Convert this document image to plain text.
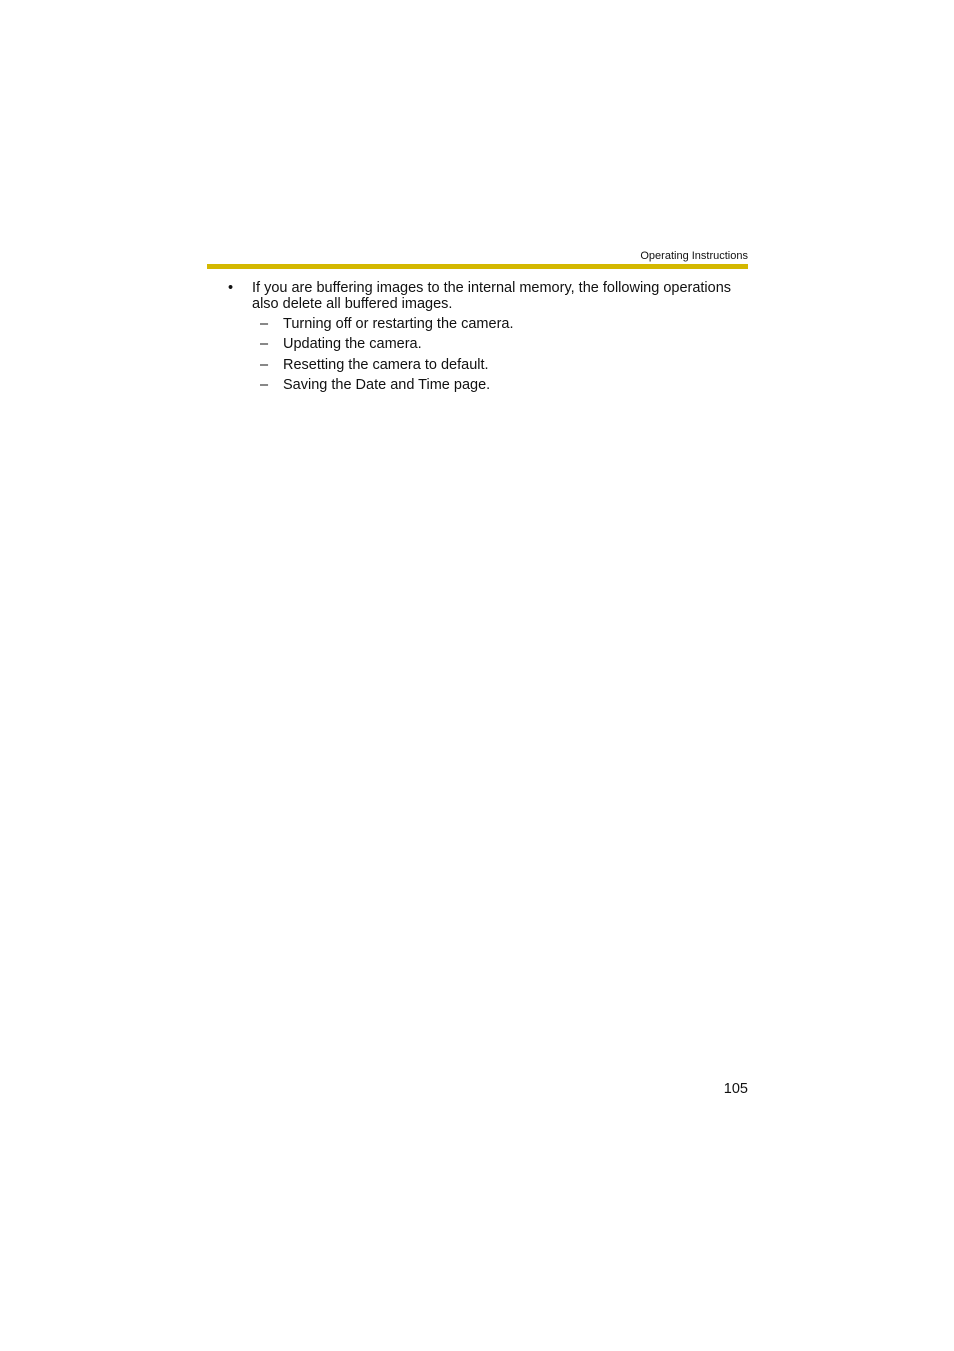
Operating Instructions
•	If you are buffering images to the internal memory, the following operations also delete all buffered images.
–	Turning off or restarting the camera.
–	Updating the camera.
–	Resetting the camera to default.
–	Saving the Date and Time page.
105
